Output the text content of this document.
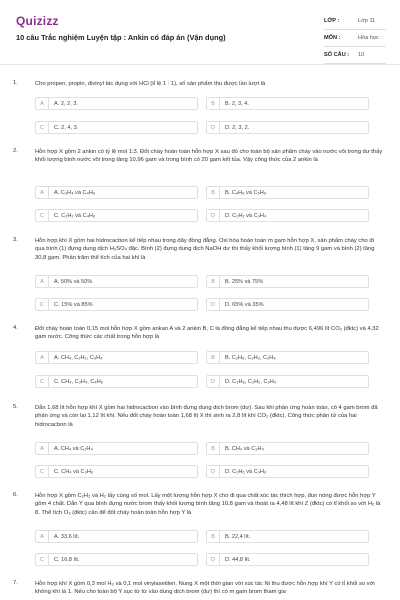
Quizizz
10 câu Trắc nghiệm Luyện tập : Ankin có đáp án (Vận dụng)
LỚP :	Lớp 11
MÔN :	Hóa học
SỐ CÂU :	10
1.	Cho propen, propin, divinyl tác dụng với HCl (tỉ lệ 1 : 1), số sản phẩm thu được lần lượt là
A	A. 2, 2, 3.	B	B. 2, 3, 4.
C	C. 2, 4, 3.	D	D. 2, 3, 2.
2.	Hỗn hợp X gồm 2 ankin có tỷ lệ mol 1:3. Đốt cháy hoàn toàn hỗn hợp X sau đó cho toàn bộ sản phẩm cháy vào nước vôi trong dư thấy khối lượng bình nước vôi trong tăng 10,96 gam và trong bình có 20 gam kết tủa. Vậy công thức của 2 ankin là
A	A. C₃H₄ và C₄H₆	B	B. C₄H₆ và C₅H₈
C	C. C₂H₂ và C₄H₆	D	D. C₂H₂ và C₃H₄
3.	Hỗn hợp khí X gồm hai hidrocacbon kế tiếp nhau trong dãy đồng đẳng. Oxi hóa hoàn toàn m gam hỗn hợp X, sản phẩm cháy cho đi qua bình (1) đựng dung dịch H₂SO₄ đặc. Bình (2) đựng dung dịch NaOH dư thì thấy khối lượng bình (1) tăng 9 gam và bình (2) tăng 30,8 gam. Phần trăm thể tích của hai khí là
A	A. 50% và 50%	B	B. 25% và 75%
C	C. 15% và 85%	D	D. 65% và 35%
4.	Đốt cháy hoàn toàn 0,15 mol hỗn hợp X gồm ankan A và 2 ankin B, C là đồng đẳng kế tiếp nhau thu được 6,496 lít CO₂ (đktc) và 4,32 gam nước. Công thức các chất trong hỗn hợp là
A	A. CH₄, C₂H₂, C₃H₄	B	B. C₂H₆, C₂H₂, C₃H₄
C	C. CH₄, C₃H₄, C₄H₆	D	D. C₃H₈, C₂H₂, C₃H₄
5.	Dẫn 1,68 lít hỗn hợp khí X gồm hai hidrocacbon vào bình đựng dung dịch brom (dư). Sau khi phản ứng hoàn toàn, có 4 gam brom đã phản ứng và còn lại 1,12 lít khí. Nếu đốt cháy hoàn toàn 1,68 lít X thì sinh ra 2,8 lít khí CO₂ (đktc). Công thức phân tử của hai hidrocacbon là
A	A. CH₄ và C₂H₄	B	B. CH₄ và C₃H₄
C	C. CH₄ và C₃H₆	D	D. C₂H₆ và C₃H₆
6.	Hỗn hợp X gồm C₂H₂ và H₂ lấy cùng số mol. Lấy một lượng hỗn hợp X cho đi qua chất xúc tác thích hợp, đun nóng được hỗn hợp Y gồm 4 chất. Dẫn Y qua bình đựng nước brom thấy khối lượng bình tăng 10,8 gam và thoát ra 4,48 lít khí Z (đktc) có tỉ khối so với H₂ là 8. Thể tích O₂ (đktc) cần để đốt cháy hoàn toàn hỗn hợp Y là
A	A. 33,6 lít.	B	B. 22,4 lít.
C	C. 16,8 lít.	D	D. 44,8 lít.
7.	Hỗn hợp khí X gồm 0,3 mol H₂ và 0,1 mol vinylaxetilen. Nung X một thời gian với xúc tác Ni thu được hỗn hợp khí Y có tỉ khối so với không khí là 1. Nếu cho toàn bộ Y sục từ từ vào dung dịch brom (dư) thì có m gam brom tham gia
